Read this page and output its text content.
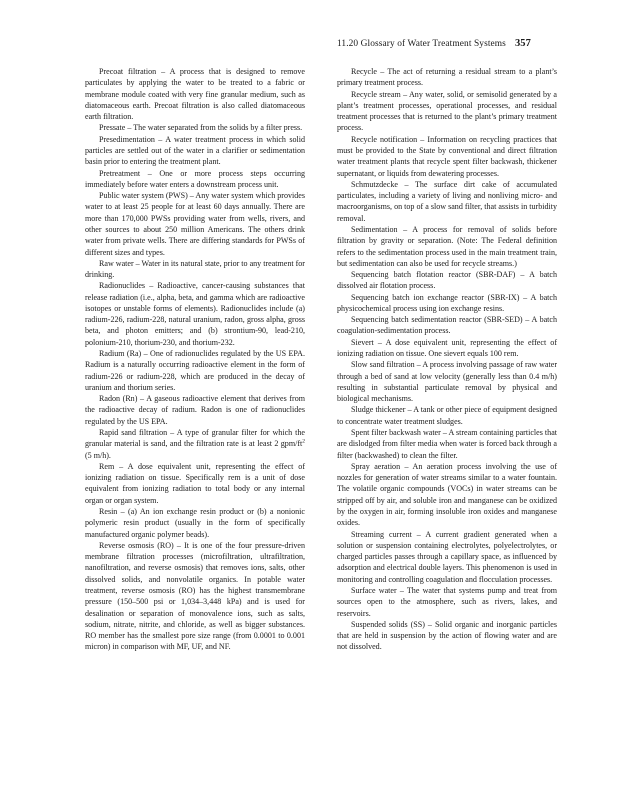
11.20 Glossary of Water Treatment Systems 357

Precoat filtration – A process that is designed to remove particulates by applying the water to be treated to a fabric or membrane module coated with very fine granular medium, such as diatomaceous earth. Precoat filtration is also called diatomaceous earth filtration.

Pressate – The water separated from the solids by a filter press.

Presedimentation – A water treatment process in which solid particles are settled out of the water in a clarifier or sedimentation basin prior to entering the treatment plant.

Pretreatment – One or more process steps occurring immediately before water enters a downstream process unit.

Public water system (PWS) – Any water system which provides water to at least 25 people for at least 60 days annually. There are more than 170,000 PWSs providing water from wells, rivers, and other sources to about 250 million Americans. The others drink water from private wells. There are differing standards for PWSs of different sizes and types.

Raw water – Water in its natural state, prior to any treatment for drinking.

Radionuclides – Radioactive, cancer-causing substances that release radiation (i.e., alpha, beta, and gamma which are radioactive isotopes or unstable forms of elements). Radionuclides include (a) radium-226, radium-228, natural uranium, radon, gross alpha, gross beta, and photon emitters; and (b) strontium-90, lead-210, polonium-210, thorium-230, and thorium-232.

Radium (Ra) – One of radionuclides regulated by the US EPA. Radium is a naturally occurring radioactive element in the form of radium-226 or radium-228, which are produced in the decay of uranium and thorium series.

Radon (Rn) – A gaseous radioactive element that derives from the radioactive decay of radium. Radon is one of radionuclides regulated by the US EPA.

Rapid sand filtration – A type of granular filter for which the granular material is sand, and the filtration rate is at least 2 gpm/$ft^2$ (5 m/h).

Rem – A dose equivalent unit, representing the effect of ionizing radiation on tissue. Specifically rem is a unit of dose equivalent from ionizing radiation to total body or any internal organ or organ system.

Resin – (a) An ion exchange resin product or (b) a nonionic polymeric resin product (usually in the form of specifically manufactured organic polymer beads).

Reverse osmosis (RO) – It is one of the four pressure-driven membrane filtration processes (microfiltration, ultrafiltration, nanofiltration, and reverse osmosis) that removes ions, salts, other dissolved solids, and nonvolatile organics. In potable water treatment, reverse osmosis (RO) has the highest transmembrane pressure (150–500 psi or 1,034–3,448 kPa) and is used for desalination or separation of monovalence ions, such as salts, sodium, nitrate, nitrite, and chloride, as well as bigger substances. RO member has the smallest pore size range (from 0.0001 to 0.001 micron) in comparison with MF, UF, and NF.

Recycle – The act of returning a residual stream to a plant’s primary treatment process.

Recycle stream – Any water, solid, or semisolid generated by a plant’s treatment processes, operational processes, and residual treatment processes that is returned to the plant’s primary treatment process.

Recycle notification – Information on recycling practices that must be provided to the State by conventional and direct filtration water treatment plants that recycle spent filter backwash, thickener supernatant, or liquids from dewatering processes.

Schmutzdecke – The surface dirt cake of accumulated particulates, including a variety of living and nonliving micro- and macroorganisms, on top of a slow sand filter, that assists in turbidity removal.

Sedimentation – A process for removal of solids before filtration by gravity or separation. (Note: The Federal definition refers to the sedimentation process used in the main treatment train, but sedimentation can also be used for recycle streams.)

Sequencing batch flotation reactor (SBR-DAF) – A batch dissolved air flotation process.

Sequencing batch ion exchange reactor (SBR-IX) – A batch physicochemical process using ion exchange resins.

Sequencing batch sedimentation reactor (SBR-SED) – A batch coagulation-sedimentation process.

Sievert – A dose equivalent unit, representing the effect of ionizing radiation on tissue. One sievert equals 100 rem.

Slow sand filtration – A process involving passage of raw water through a bed of sand at low velocity (generally less than 0.4 m/h) resulting in substantial particulate removal by physical and biological mechanisms.

Sludge thickener – A tank or other piece of equipment designed to concentrate water treatment sludges.

Spent filter backwash water – A stream containing particles that are dislodged from filter media when water is forced back through a filter (backwashed) to clean the filter.

Spray aeration – An aeration process involving the use of nozzles for generation of water streams similar to a water fountain. The volatile organic compounds (VOCs) in water streams can be stripped off by air, and soluble iron and manganese can be oxidized by the oxygen in air, forming insoluble iron oxides and manganese oxides.

Streaming current – A current gradient generated when a solution or suspension containing electrolytes, polyelectrolytes, or charged particles passes through a capillary space, as influenced by adsorption and electrical double layers. This phenomenon is used in monitoring and controlling coagulation and flocculation processes.

Surface water – The water that systems pump and treat from sources open to the atmosphere, such as rivers, lakes, and reservoirs.

Suspended solids (SS) – Solid organic and inorganic particles that are held in suspension by the action of flowing water and are not dissolved.
